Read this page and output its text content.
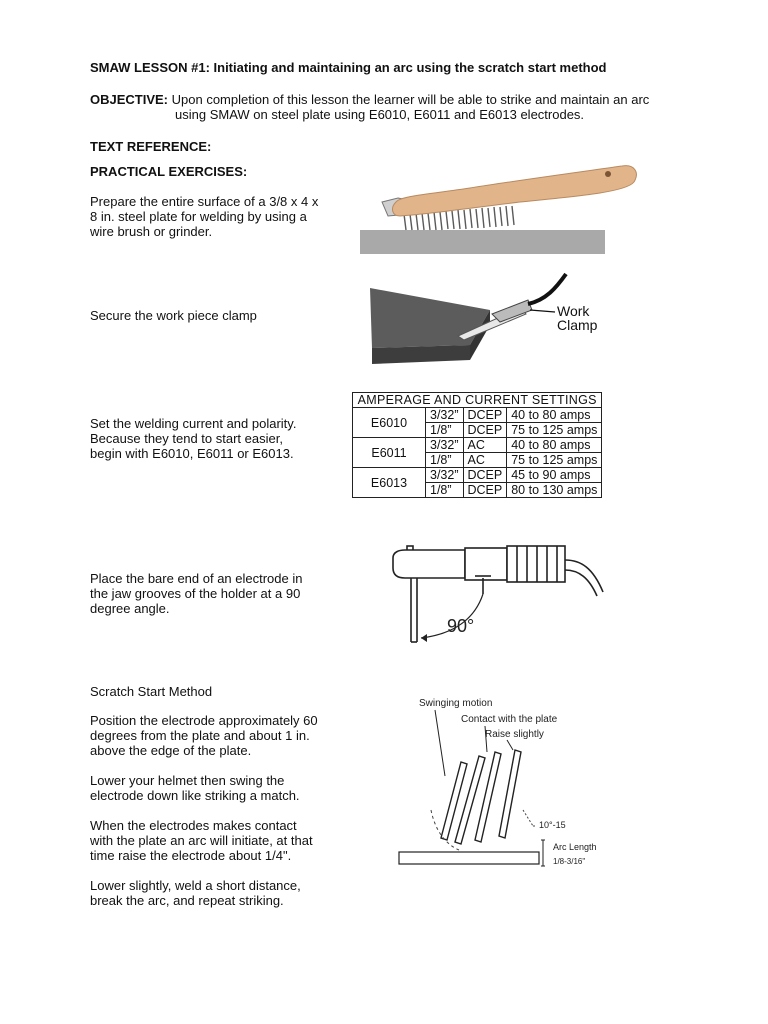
SMAW LESSON #1: Initiating and maintaining an arc using the scratch start method
OBJECTIVE: Upon completion of this lesson the learner will be able to strike and maintain an arc
using SMAW on steel plate using E6010, E6011 and E6013 electrodes.
TEXT REFERENCE:
PRACTICAL EXERCISES:
Prepare the entire surface of a 3/8 x 4 x
8 in. steel plate for welding by using a
wire brush or grinder.
Secure the work piece clamp	Work
Clamp
Set the welding current and polarity.
Because they tend to start easier,
begin with E6010, E6011 or E6013.
AMPERAGE AND CURRENT SETTINGS			
E6010	3/32”	DCEP	40 to 80 amps
	1/8”	DCEP	75 to 125 amps
E6011	3/32”	AC	40 to 80 amps
	1/8”	AC	75 to 125 amps
E6013	3/32”	DCEP	45 to 90 amps
	1/8”	DCEP	80 to 130 amps
Place the bare end of an electrode in
the jaw grooves of the holder at a 90
degree angle.
90°
Scratch Start Method
Position the electrode approximately 60
degrees from the plate and about 1 in.
above the edge of the plate.
Lower your helmet then swing the
electrode down like striking a match.
When the electrodes makes contact
with the plate an arc will initiate, at that
time raise the electrode about 1/4".
Lower slightly, weld a short distance,
break the arc, and repeat striking.
Swinging motion
Contact with the plate
Raise slightly
10°-15
Arc Length
1/8-3/16"
